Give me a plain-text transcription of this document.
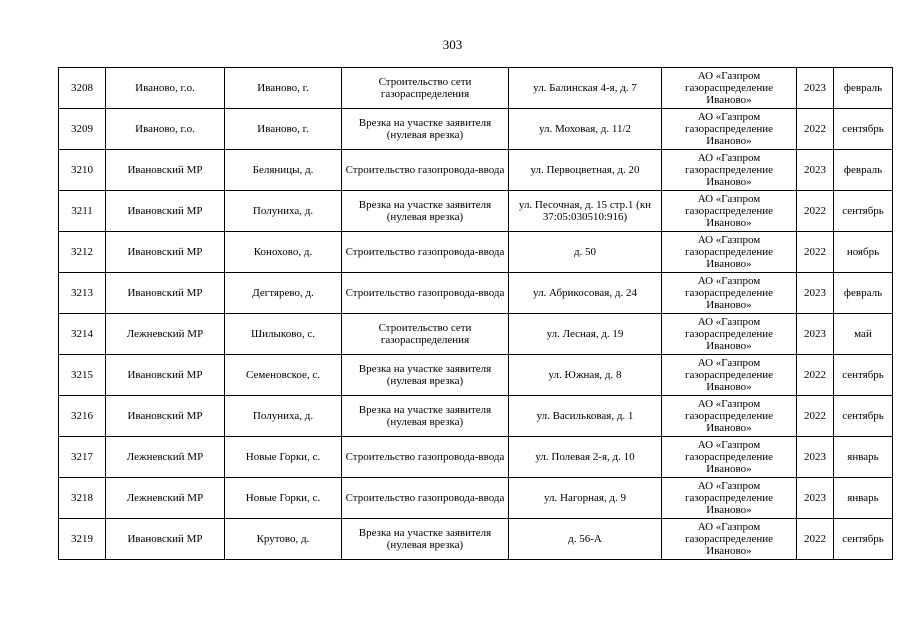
303
3208	Иваново, г.о.	Иваново, г.	Строительство сети газораспределения	ул. Балинская 4-я, д. 7	АО «Газпром газораспределение Иваново»	2023	февраль
3209	Иваново, г.о.	Иваново, г.	Врезка на участке заявителя (нулевая врезка)	ул. Моховая, д. 11/2	АО «Газпром газораспределение Иваново»	2022	сентябрь
3210	Ивановский МР	Беляницы, д.	Строительство газопровода-ввода	ул. Первоцветная, д. 20	АО «Газпром газораспределение Иваново»	2023	февраль
3211	Ивановский МР	Полуниха, д.	Врезка на участке заявителя (нулевая врезка)	ул. Песочная, д. 15 стр.1 (кн 37:05:030510:916)	АО «Газпром газораспределение Иваново»	2022	сентябрь
3212	Ивановский МР	Конохово, д.	Строительство газопровода-ввода	д. 50	АО «Газпром газораспределение Иваново»	2022	ноябрь
3213	Ивановский МР	Дегтярево, д.	Строительство газопровода-ввода	ул. Абрикосовая, д. 24	АО «Газпром газораспределение Иваново»	2023	февраль
3214	Лежневский МР	Шилыково, с.	Строительство сети газораспределения	ул. Лесная, д. 19	АО «Газпром газораспределение Иваново»	2023	май
3215	Ивановский МР	Семеновское, с.	Врезка на участке заявителя (нулевая врезка)	ул. Южная, д. 8	АО «Газпром газораспределение Иваново»	2022	сентябрь
3216	Ивановский МР	Полуниха, д.	Врезка на участке заявителя (нулевая врезка)	ул. Васильковая, д. 1	АО «Газпром газораспределение Иваново»	2022	сентябрь
3217	Лежневский МР	Новые Горки, с.	Строительство газопровода-ввода	ул. Полевая 2-я, д. 10	АО «Газпром газораспределение Иваново»	2023	январь
3218	Лежневский МР	Новые Горки, с.	Строительство газопровода-ввода	ул. Нагорная, д. 9	АО «Газпром газораспределение Иваново»	2023	январь
3219	Ивановский МР	Крутово, д.	Врезка на участке заявителя (нулевая врезка)	д. 56-А	АО «Газпром газораспределение Иваново»	2022	сентябрь
